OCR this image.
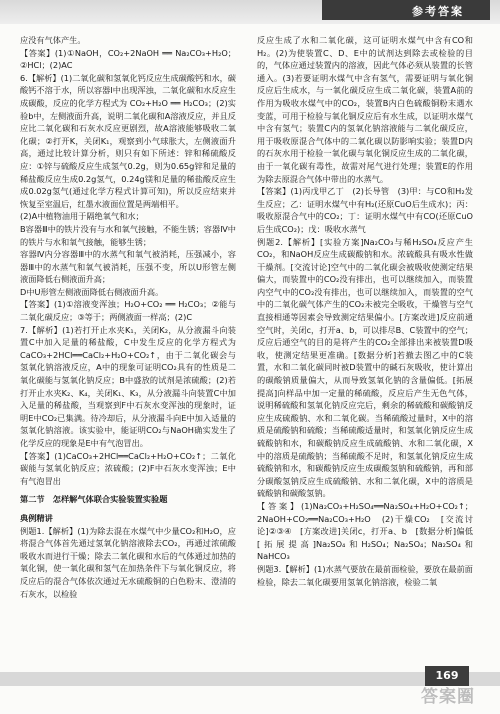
参考答案

应没有气体产生。

【答案】(1)①NaOH，CO₂+2NaOH ══ Na₂CO₃+H₂O；②HCl；(2)AC

6.【解析】(1)二氧化碳和氢氧化钙反应生成碳酸钙和水，碳酸钙不溶于水，所以容器Ⅰ中出现浑浊，二氧化碳和水反应生成碳酸，反应的化学方程式为 CO₂+H₂O ══ H₂CO₃；(2)实验b中，左侧液面升高，说明二氧化碳和A溶液反应，并且反应比二氧化碳和石灰水反应更剧烈，故A溶液能够吸收二氧化碳；②打开K，关闭K₁，观察到小气球胀大，左侧液面升高，通过比较计算分析，则只有如下所述：锌和稀硫酸反应：①锌与硫酸反应生成氢气0.2g，则为0.65g锌和足量的稀盐酸反应生成0.2g氢气，0.24g镁和足量的稀盐酸反应生成0.02g氢气(通过化学方程式计算可知)，所以反应结束并恢复至室温后，红墨水液面位置是两端相平。

(2)A中植物油用于隔绝氧气和水；

B容器Ⅲ中的铁片没有与水和氧气接触，不能生锈；容器Ⅳ中的铁片与水和氧气接触，能够生锈；

容器Ⅳ内分容器Ⅲ中的水蒸气和氧气被消耗，压强减小，容器Ⅲ中的水蒸气和氧气被消耗，压强不变，所以U形管左侧液面降低右侧液面升高；

D中U形管左侧液面降低右侧液面升高。

【答案】(1)①溶液变浑浊；H₂O+CO₂ ══ H₂CO₃；②能与二氧化碳反应；③等于；两侧液面一样高；(2)C

7.【解析】(1)若打开止水夹K₁，关闭K₂，从分液漏斗向装置C中加入足量的稀盐酸，C中发生反应的化学方程式为CaCO₃+2HCl══CaCl₂+H₂O+CO₂↑，由于二氧化碳会与氢氧化钠溶液反应，A中的现象可证明CO₂具有的性质是二氧化碳能与氢氧化钠反应；B中盛放的试剂是浓硫酸；(2)若打开止水夹K₂、K₄，关闭K₁、K₃，从分液漏斗向装置C中加入足量的稀盐酸，当观察到F中石灰水变浑浊的现象时，证明E中CO₂已集满。待冷却后，从分液漏斗向E中加入适量的氢氧化钠溶液。该实验中，能证明CO₂与NaOH确实发生了化学反应的现象是E中有气泡冒出。

【答案】(1)CaCO₃+2HCl══CaCl₂+H₂O+CO₂↑；二氧化碳能与氢氧化钠反应；浓硫酸；(2)F中石灰水变浑浊；E中有气泡冒出

第二节　怎样解气体联合实验装置实验题

典例精讲

例题1.【解析】(1)为除去混在水煤气中少量CO₂和H₂O，应将混合气体首先通过氢氧化钠溶液除去CO₂，再通过浓硫酸吸收水而进行干燥；除去二氧化碳和水后的气体通过加热的氧化铜，使一氧化碳和氢气在加热条件下与氧化铜反应，将反应后的混合气体依次通过无水硫酸铜的白色粉末、澄清的石灰水，以检验

反应生成了水和二氧化碳，这可证明水煤气中含有CO和H₂。(2)为使装置C、D、E中的试剂达到除去或检验的目的，气体应通过装置内的溶液，因此气体必须从装置的长管通入。(3)若要证明水煤气中含有氢气，需要证明与氧化铜反应后生成水，与一氧化碳反应生成二氧化碳，装置A前的作用为吸收水煤气中的CO₂，装置B内白色硫酸铜粉末遇水变蓝，可用于检验与氧化铜反应后有水生成，以证明水煤气中含有氢气；装置C内的氢氧化钠溶液能与二氧化碳反应，用于吸收原混合气体中的二氧化碳以防影响实验；装置D内的石灰水用于检验一氧化碳与氧化铜反应生成的二氧化碳，由于一氧化碳有毒性，故需对尾气进行处理；装置E的作用为除去原混合气体中带出的水蒸气。

【答案】(1)丙戊甲乙丁　(2)长导管　(3)甲：与CO和H₂发生反应；乙：证明水煤气中有H₂(还原CuO后生成水)；丙：吸收原混合气中的CO₂；丁：证明水煤气中有CO(还原CuO后生成CO₂)；戊：吸收水蒸气

例题2.【解析】[实验方案]Na₂CO₃与稀H₂SO₄反应产生CO₂，和NaOH反应生成碳酸钠和水。浓硫酸具有吸水性做干燥剂。[交流讨论]空气中的二氧化碳会被吸收使测定结果偏大，而装置中的CO₂没有排出，也可以继续加入，而装置内空气中的CO₂没有排出，也可以继续加入，而装置的空气中的二氧化碳气体产生的CO₂未被完全吸收，干燥管与空气直接相通等因素会导致测定结果偏小。[方案改进]反应前通空气时，关闭c，打开a、b，可以排尽B、C装置中的空气；反应后通空气的目的是将产生的CO₂全部排出来被装置D吸收，使测定结果更准确。[数据分析]若撤去图乙中的C装置，水和二氧化碳同时被D装置中的碱石灰吸收，使计算出的碳酸钠质量偏大，从而导致氢氧化钠的含量偏低。[拓展提高]向样品中加一定量的稀硫酸，反应后产生无色气体，说明稀硫酸和氢氧化钠反应完后，剩余的稀硫酸和碳酸钠反应生成硫酸钠、水和二氧化碳。当稀硫酸过量时，X中的溶质是硫酸钠和硫酸；当稀硫酸适量时，和氢氧化钠反应生成硫酸钠和水，和碳酸钠反应生成硫酸钠、水和二氧化碳，X中的溶质是硫酸钠；当稀硫酸不足时，和氢氧化钠反应生成硫酸钠和水，和碳酸钠反应生成碳酸氢钠和硫酸钠，再和部分碳酸氢钠反应生成硫酸钠、水和二氧化碳，X中的溶质是硫酸钠和碳酸氢钠。

【答案】(1)Na₂CO₃+H₂SO₄══Na₂SO₄+H₂O+CO₂↑；2NaOH+CO₂══Na₂CO₃+H₂O　(2)干燥CO₂　[交流讨论]②③④　[方案改进]关闭c，打开a、b　[数据分析]偏低　[拓展提高]Na₂SO₄和H₂SO₄；Na₂SO₄；Na₂SO₄和NaHCO₃

例题3.【解析】(1)水蒸气要放在最前面检验，要放在最前面检验，除去二氧化碳要用氢氧化钠溶液，检验二氧

169
答案圈
